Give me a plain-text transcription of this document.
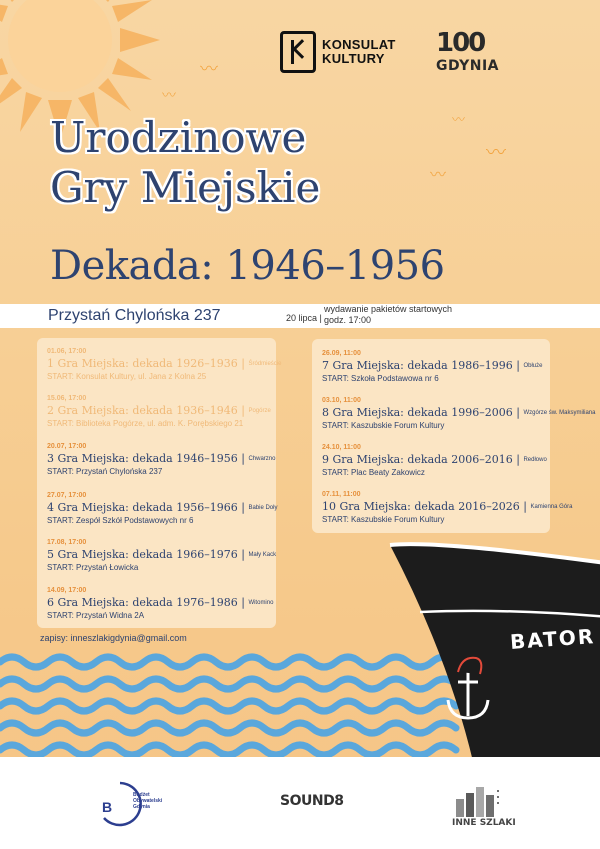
〰
〰
〰
〰
〰
KONSULAT
KULTURY
100
GDYNIA
Urodzinowe
Gry Miejskie
Dekada: 1946–1956
Przystań Chylońska 237	20 lipca |
wydawanie pakietów startowych
godz. 17:00
01.06, 17:00
1 Gra Miejska: dekada 1926–1936 | Śródmieście
START: Konsulat Kultury, ul. Jana z Kolna 25
15.06, 17:00
2 Gra Miejska: dekada 1936–1946 | Pogórze
START: Biblioteka Pogórze, ul. adm. K. Porębskiego 21
20.07, 17:00
3 Gra Miejska: dekada 1946–1956 | Chwarzno
START: Przystań Chylońska 237
27.07, 17:00
4 Gra Miejska: dekada 1956–1966 | Babie Doły
START: Zespół Szkół Podstawowych nr 6
17.08, 17:00
5 Gra Miejska: dekada 1966–1976 | Mały Kack
START: Przystań Łowicka
14.09, 17:00
6 Gra Miejska: dekada 1976–1986 | Witomino
START: Przystań Widna 2A
26.09, 11:00
7 Gra Miejska: dekada 1986–1996 | Obłuże
START: Szkoła Podstawowa nr 6
03.10, 11:00
8 Gra Miejska: dekada 1996–2006 | Wzgórze św. Maksymiliana
START: Kaszubskie Forum Kultury
24.10, 11:00
9 Gra Miejska: dekada 2006–2016 | Redłowo
START: Plac Beaty Zakowicz
07.11, 11:00
10 Gra Miejska: dekada 2016–2026 | Kamienna Góra
START: Kaszubskie Forum Kultury
zapisy: inneszlakigdynia@gmail.com	BATOR
B
Budżet
Obywatelski
Gdynia	SOUND8
INNE SZLAKI
